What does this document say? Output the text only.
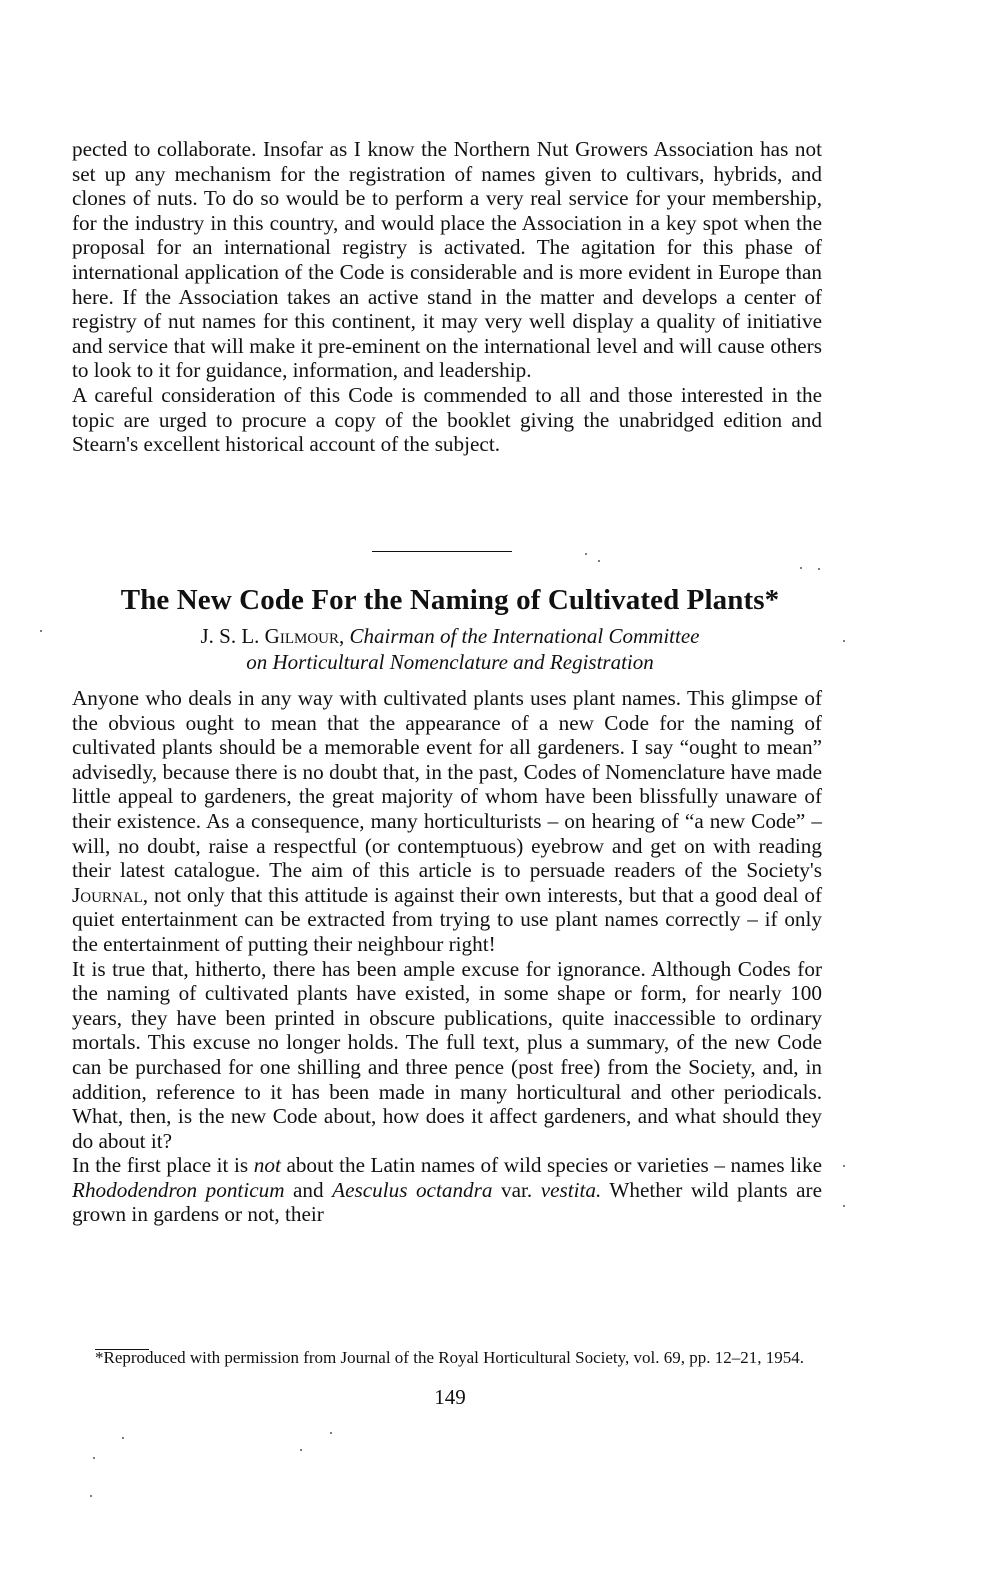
pected to collaborate. Insofar as I know the Northern Nut Growers Association has not set up any mechanism for the registration of names given to cultivars, hybrids, and clones of nuts. To do so would be to perform a very real service for your membership, for the industry in this country, and would place the Association in a key spot when the proposal for an international registry is activated. The agitation for this phase of international application of the Code is considerable and is more evident in Europe than here. If the Association takes an active stand in the matter and develops a center of registry of nut names for this continent, it may very well display a quality of initiative and service that will make it pre-eminent on the international level and will cause others to look to it for guidance, information, and leadership.

A careful consideration of this Code is commended to all and those interested in the topic are urged to procure a copy of the booklet giving the unabridged edition and Stearn's excellent historical account of the subject.

The New Code For the Naming of Cultivated Plants*
J. S. L. Gilmour, Chairman of the International Committee
on Horticultural Nomenclature and Registration

Anyone who deals in any way with cultivated plants uses plant names. This glimpse of the obvious ought to mean that the appearance of a new Code for the naming of cultivated plants should be a memorable event for all gardeners. I say “ought to mean” advisedly, because there is no doubt that, in the past, Codes of Nomenclature have made little appeal to gardeners, the great majority of whom have been blissfully unaware of their existence. As a consequence, many horticulturists – on hearing of “a new Code” – will, no doubt, raise a respectful (or contemptuous) eyebrow and get on with reading their latest catalogue. The aim of this article is to persuade readers of the Society's Journal, not only that this attitude is against their own interests, but that a good deal of quiet entertainment can be extracted from trying to use plant names correctly – if only the entertainment of putting their neighbour right!

It is true that, hitherto, there has been ample excuse for ignorance. Although Codes for the naming of cultivated plants have existed, in some shape or form, for nearly 100 years, they have been printed in obscure publications, quite inaccessible to ordinary mortals. This excuse no longer holds. The full text, plus a summary, of the new Code can be purchased for one shilling and three pence (post free) from the Society, and, in addition, reference to it has been made in many horticultural and other periodicals. What, then, is the new Code about, how does it affect gardeners, and what should they do about it?

In the first place it is not about the Latin names of wild species or varieties – names like Rhododendron ponticum and Aesculus octandra var. vestita. Whether wild plants are grown in gardens or not, their

*Reproduced with permission from Journal of the Royal Horticultural Society, vol. 69, pp. 12–21, 1954.

149
